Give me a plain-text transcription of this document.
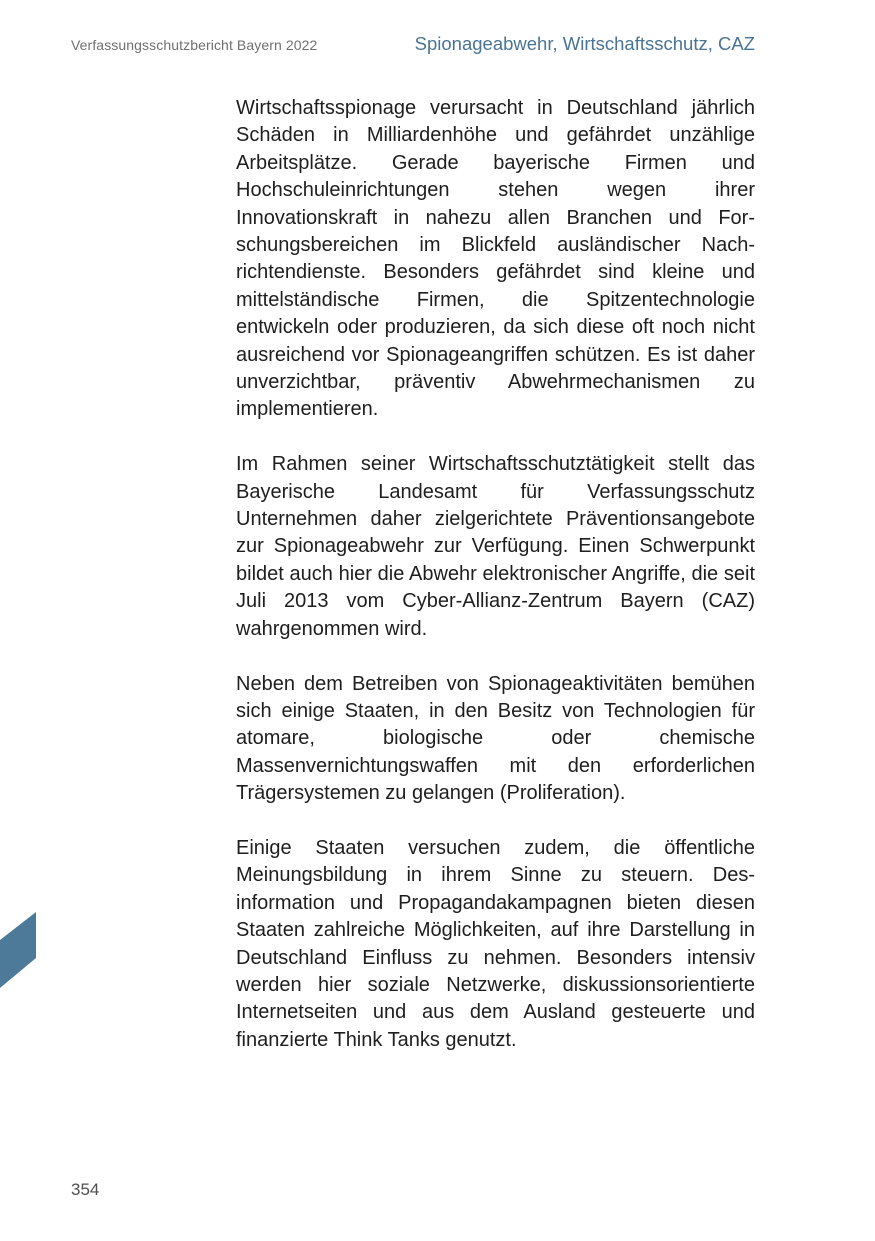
Verfassungsschutzbericht Bayern 2022	Spionageabwehr, Wirtschaftsschutz, CAZ

Wirtschaftsspionage verursacht in Deutschland jährlich Schäden in Milliardenhöhe und gefährdet unzählige Arbeitsplätze. Gerade bayerische Firmen und Hochschuleinrichtungen stehen wegen ihrer Innovationskraft in nahezu allen Branchen und Forschungsbereichen im Blickfeld ausländischer Nachrichtendienste. Besonders gefährdet sind kleine und mittelständische Firmen, die Spitzentechnologie entwickeln oder produzieren, da sich diese oft noch nicht ausreichend vor Spionageangriffen schützen. Es ist daher unverzichtbar, präventiv Abwehrmechanismen zu implementieren.

Im Rahmen seiner Wirtschaftsschutztätigkeit stellt das Bayerische Landesamt für Verfassungsschutz Unternehmen daher zielgerichtete Präventionsangebote zur Spionageabwehr zur Verfügung. Einen Schwerpunkt bildet auch hier die Abwehr elektronischer Angriffe, die seit Juli 2013 vom Cyber-Allianz-Zentrum Bayern (CAZ) wahrgenommen wird.

Neben dem Betreiben von Spionageaktivitäten bemühen sich einige Staaten, in den Besitz von Technologien für atomare, biologische oder chemische Massenvernichtungswaffen mit den erforderlichen Trägersystemen zu gelangen (Proliferation).

Einige Staaten versuchen zudem, die öffentliche Meinungsbildung in ihrem Sinne zu steuern. Desinformation und Propagandakampagnen bieten diesen Staaten zahlreiche Möglichkeiten, auf ihre Darstellung in Deutschland Einfluss zu nehmen. Besonders intensiv werden hier soziale Netzwerke, diskussionsorientierte Internetseiten und aus dem Ausland gesteuerte und finanzierte Think Tanks genutzt.

354
